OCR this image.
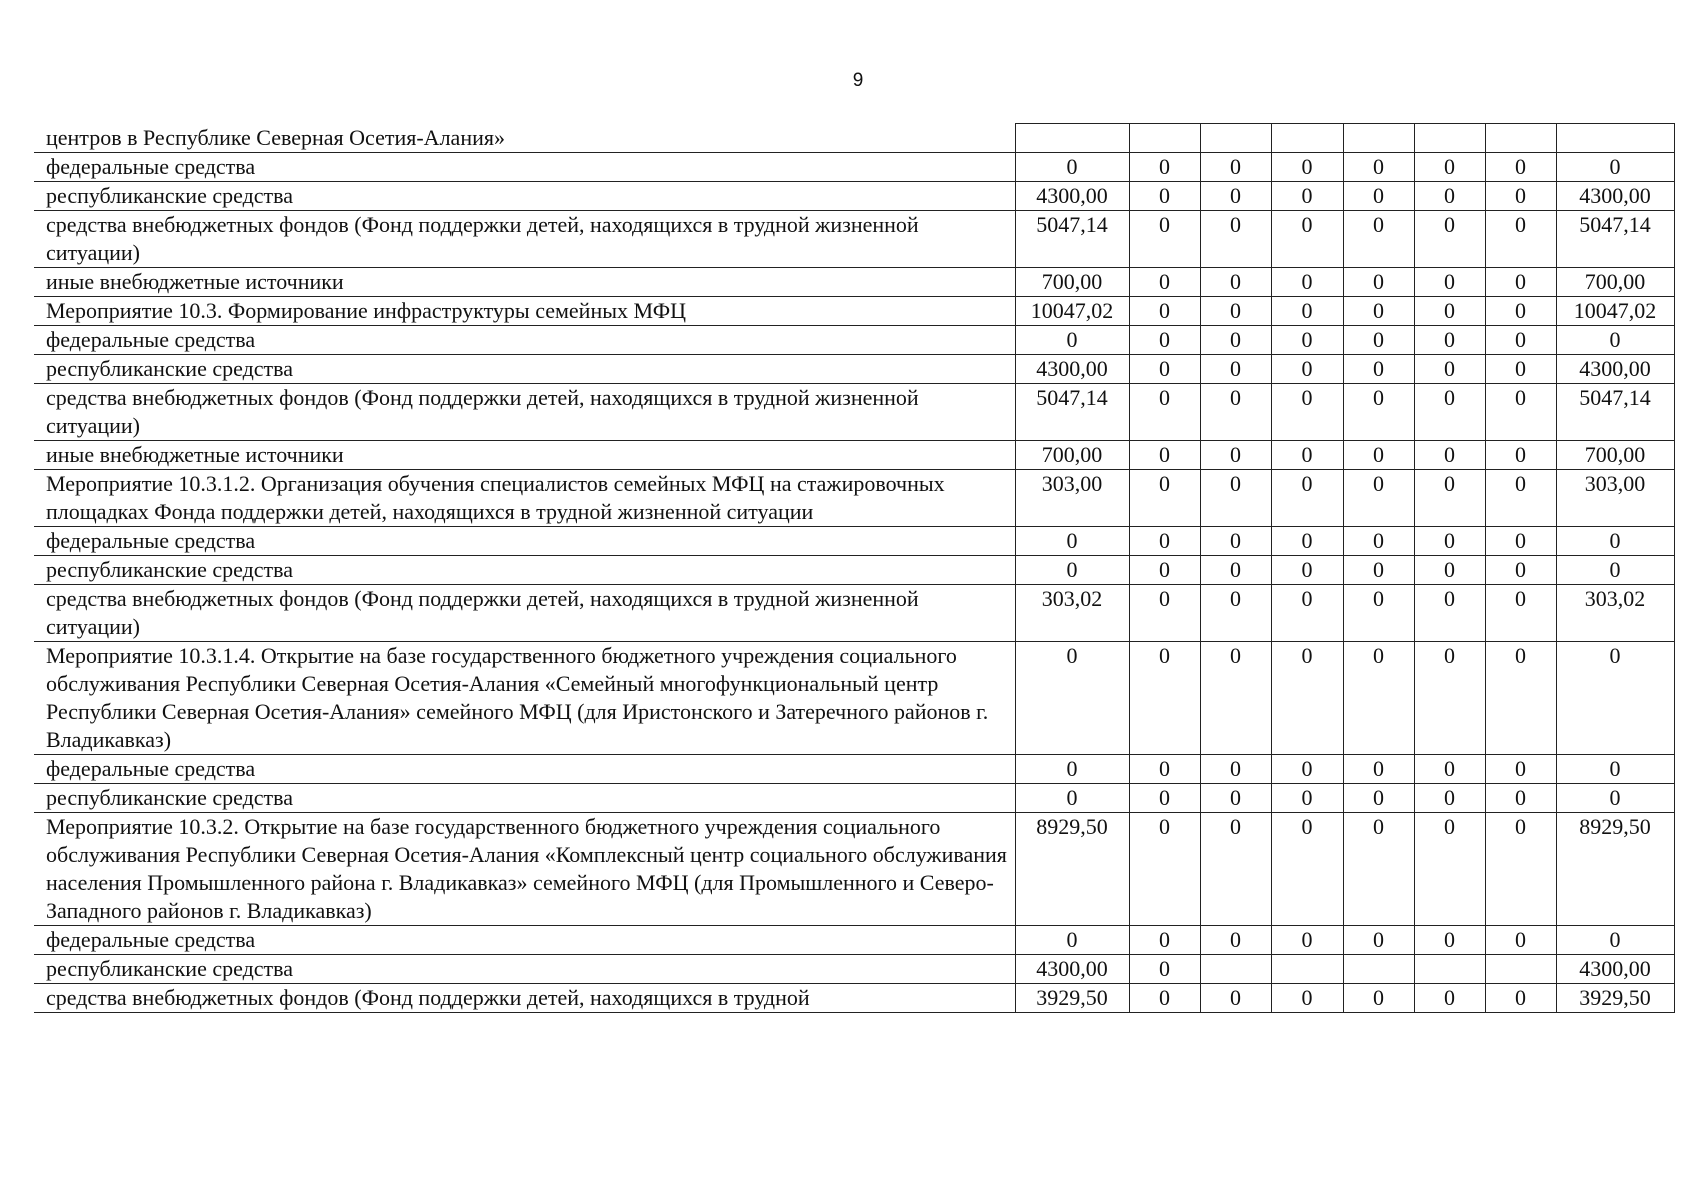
9
центров в Республике Северная Осетия-Алания»								
федеральные средства	0	0	0	0	0	0	0	0
республиканские средства	4300,00	0	0	0	0	0	0	4300,00
средства внебюджетных фондов (Фонд поддержки детей, находящихся в трудной жизненной ситуации)	5047,14	0	0	0	0	0	0	5047,14
иные внебюджетные источники	700,00	0	0	0	0	0	0	700,00
Мероприятие 10.3. Формирование инфраструктуры семейных МФЦ	10047,02	0	0	0	0	0	0	10047,02
федеральные средства	0	0	0	0	0	0	0	0
республиканские средства	4300,00	0	0	0	0	0	0	4300,00
средства внебюджетных фондов (Фонд поддержки детей, находящихся в трудной жизненной ситуации)	5047,14	0	0	0	0	0	0	5047,14
иные внебюджетные источники	700,00	0	0	0	0	0	0	700,00
Мероприятие 10.3.1.2. Организация обучения специалистов семейных МФЦ на стажировочных площадках Фонда поддержки детей, находящихся в трудной жизненной ситуации	303,00	0	0	0	0	0	0	303,00
федеральные средства	0	0	0	0	0	0	0	0
республиканские средства	0	0	0	0	0	0	0	0
средства внебюджетных фондов (Фонд поддержки детей, находящихся в трудной жизненной ситуации)	303,02	0	0	0	0	0	0	303,02
Мероприятие 10.3.1.4. Открытие на базе государственного бюджетного учреждения социального обслуживания Республики Северная Осетия-Алания «Семейный многофункциональный центр Республики Северная Осетия-Алания» семейного МФЦ (для Иристонского и Затеречного районов г. Владикавказ)	0	0	0	0	0	0	0	0
федеральные средства	0	0	0	0	0	0	0	0
республиканские средства	0	0	0	0	0	0	0	0
Мероприятие 10.3.2. Открытие на базе государственного бюджетного учреждения социального обслуживания Республики Северная Осетия-Алания «Комплексный центр социального обслуживания населения Промышленного района г. Владикавказ» семейного МФЦ (для Промышленного и Северо-Западного районов г. Владикавказ)	8929,50	0	0	0	0	0	0	8929,50
федеральные средства	0	0	0	0	0	0	0	0
республиканские средства	4300,00	0						4300,00
средства внебюджетных фондов (Фонд поддержки детей, находящихся в трудной	3929,50	0	0	0	0	0	0	3929,50
